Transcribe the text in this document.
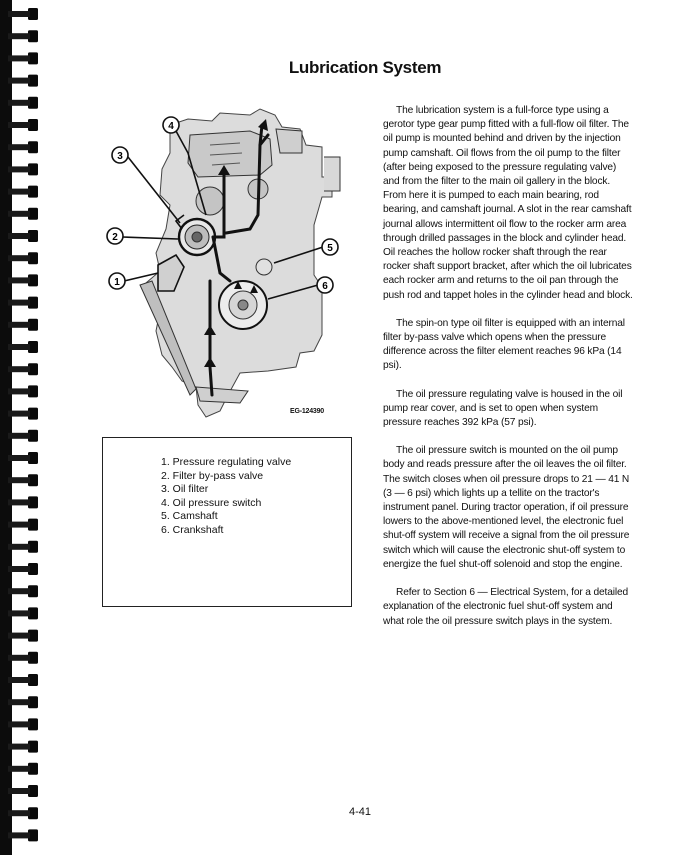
Lubrication System
4
3
2
1
5
6
EG-124390
1. Pressure regulating valve
2. Filter by-pass valve
3. Oil filter
4. Oil pressure switch
5. Camshaft
6. Crankshaft

The lubrication system is a full-force type using a gerotor type gear pump fitted with a full-flow oil filter. The oil pump is mounted behind and driven by the injection pump camshaft. Oil flows from the oil pump to the filter (after being exposed to the pressure regulating valve) and from the filter to the main oil gallery in the block. From here it is pumped to each main bearing, rod bearing, and camshaft journal. A slot in the rear camshaft journal allows intermittent oil flow to the rocker arm area through drilled passages in the block and cylinder head. Oil reaches the hollow rocker shaft through the rear rocker shaft support bracket, after which the oil lubricates each rocker arm and returns to the oil pan through the push rod and tappet holes in the cylinder head and block.

The spin-on type oil filter is equipped with an internal filter by-pass valve which opens when the pressure difference across the filter element reaches 96 kPa (14 psi).

The oil pressure regulating valve is housed in the oil pump rear cover, and is set to open when system pressure reaches 392 kPa (57 psi).

The oil pressure switch is mounted on the oil pump body and reads pressure after the oil leaves the oil filter. The switch closes when oil pressure drops to 21 — 41 N (3 — 6 psi) which lights up a tellite on the tractor's instrument panel. During tractor operation, if oil pressure lowers to the above-mentioned level, the electronic fuel shut-off system will receive a signal from the oil pressure switch which will cause the electronic shut-off system to energize the fuel shut-off solenoid and stop the engine.

Refer to Section 6 — Electrical System, for a detailed explanation of the electronic fuel shut-off system and what role the oil pressure switch plays in the system.

4-41
